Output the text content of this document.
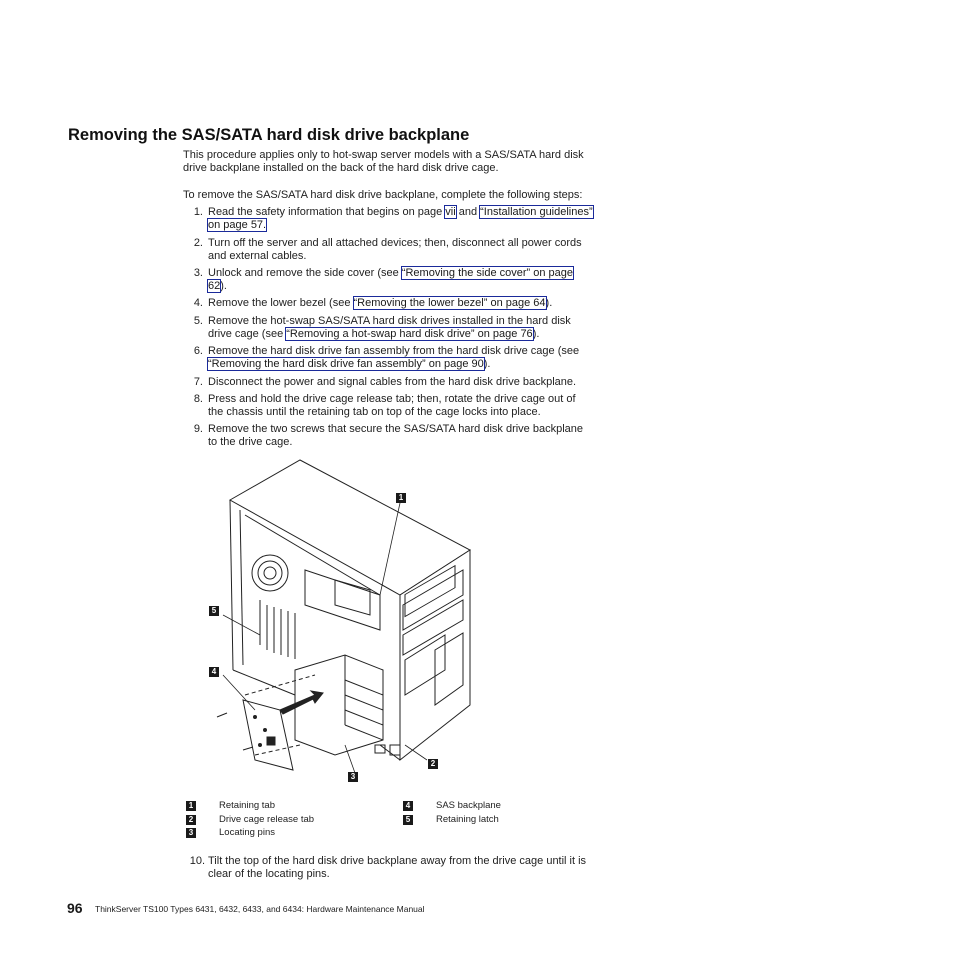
Removing the SAS/SATA hard disk drive backplane
This procedure applies only to hot-swap server models with a SAS/SATA hard disk
drive backplane installed on the back of the hard disk drive cage.
To remove the SAS/SATA hard disk drive backplane, complete the following steps:
1. Read the safety information that begins on page vii and “Installation guidelines”
on page 57.
2. Turn off the server and all attached devices; then, disconnect all power cords
and external cables.
3. Unlock and remove the side cover (see “Removing the side cover” on page
62).
4. Remove the lower bezel (see “Removing the lower bezel” on page 64).
5. Remove the hot-swap SAS/SATA hard disk drives installed in the hard disk
drive cage (see “Removing a hot-swap hard disk drive” on page 76).
6. Remove the hard disk drive fan assembly from the hard disk drive cage (see
“Removing the hard disk drive fan assembly” on page 90).
7. Disconnect the power and signal cables from the hard disk drive backplane.
8. Press and hold the drive cage release tab; then, rotate the drive cage out of
the chassis until the retaining tab on top of the cage locks into place.
9. Remove the two screws that secure the SAS/SATA hard disk drive backplane
to the drive cage.
1
5
4
2
3
1	Retaining tab
2	Drive cage release tab
3	Locating pins
4	SAS backplane
5	Retaining latch
10. Tilt the top of the hard disk drive backplane away from the drive cage until it is
clear of the locating pins.
96 ThinkServer TS100 Types 6431, 6432, 6433, and 6434: Hardware Maintenance Manual
